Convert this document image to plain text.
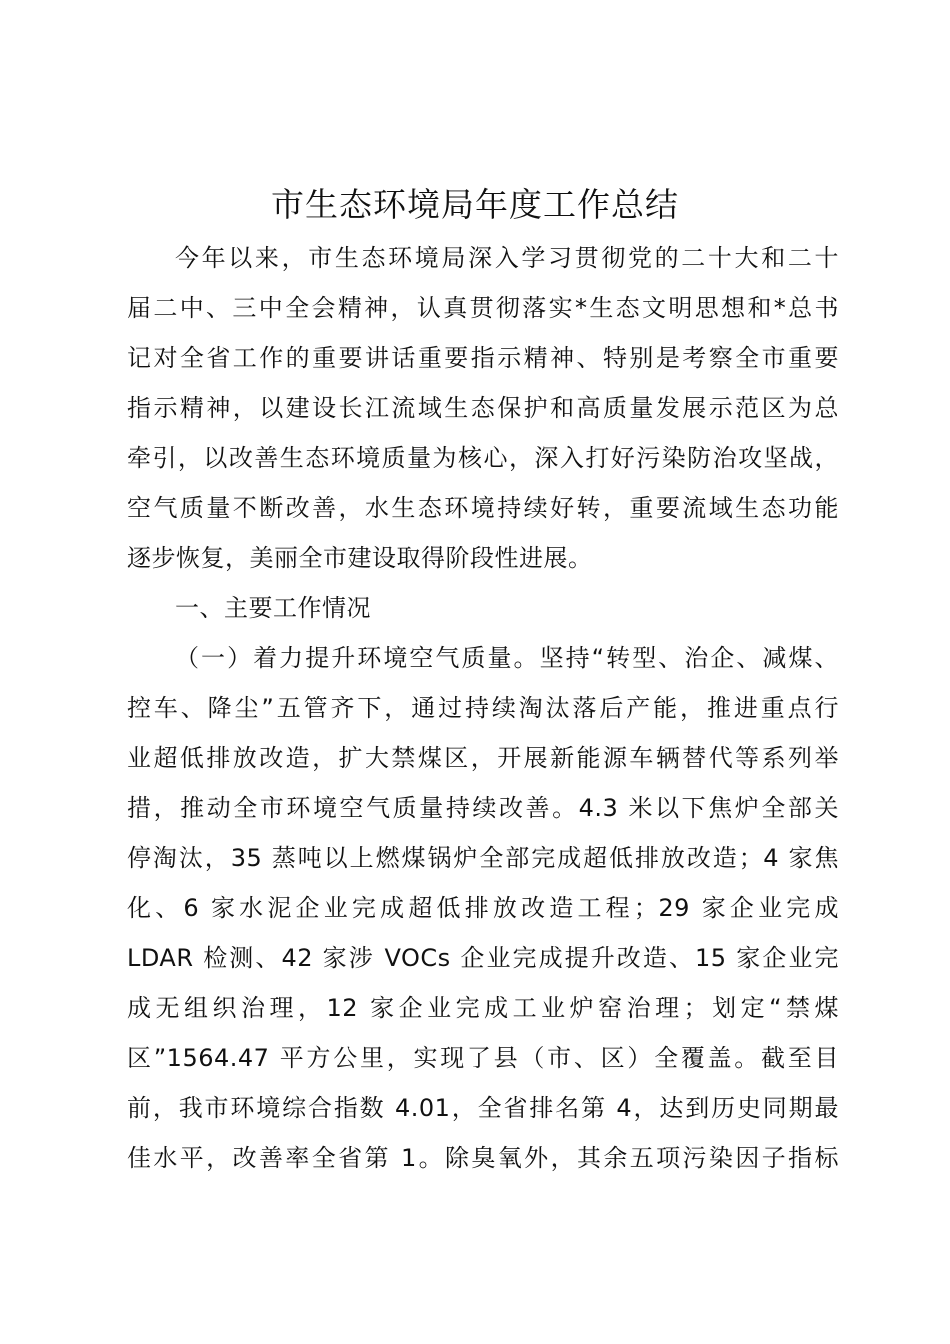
市生态环境局年度工作总结
今年以来，市生态环境局深入学习贯彻党的二十大和二十
届二中、三中全会精神，认真贯彻落实*生态文明思想和*总书
记对全省工作的重要讲话重要指示精神、特别是考察全市重要
指示精神，以建设长江流域生态保护和高质量发展示范区为总
牵引，以改善生态环境质量为核心，深入打好污染防治攻坚战，
空气质量不断改善，水生态环境持续好转，重要流域生态功能
逐步恢复，美丽全市建设取得阶段性进展。
一、主要工作情况
（一）着力提升环境空气质量。坚持“转型、治企、减煤、
控车、降尘”五管齐下，通过持续淘汰落后产能，推进重点行
业超低排放改造，扩大禁煤区，开展新能源车辆替代等系列举
措，推动全市环境空气质量持续改善。4.3 米以下焦炉全部关
停淘汰，35 蒸吨以上燃煤锅炉全部完成超低排放改造；4 家焦
化、6 家水泥企业完成超低排放改造工程；29 家企业完成
LDAR 检测、42 家涉 VOCs 企业完成提升改造、15 家企业完
成无组织治理，12 家企业完成工业炉窑治理；划定“禁煤
区”1564.47 平方公里，实现了县（市、区）全覆盖。截至目
前，我市环境综合指数 4.01，全省排名第 4，达到历史同期最
佳水平，改善率全省第 1。除臭氧外，其余五项污染因子指标
